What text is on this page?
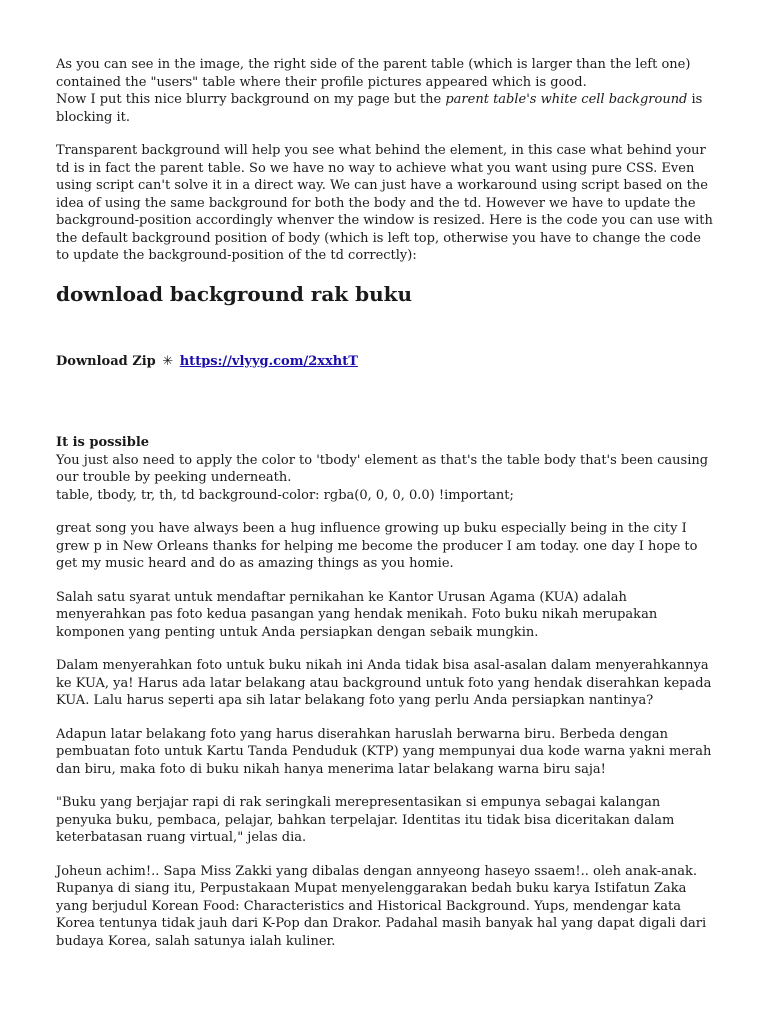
As you can see in the image, the right side of the parent table (which is larger than the left one) contained the "users" table where their profile pictures appeared which is good.

Now I put this nice blurry background on my page but the parent table's white cell background is blocking it.

Transparent background will help you see what behind the element, in this case what behind your td is in fact the parent table. So we have no way to achieve what you want using pure CSS. Even using script can't solve it in a direct way. We can just have a workaround using script based on the idea of using the same background for both the body and the td. However we have to update the background-position accordingly whenver the window is resized. Here is the code you can use with the default background position of body (which is left top, otherwise you have to change the code to update the background-position of the td correctly):

download background rak buku
Download Zip ✳ https://vlyyg.com/2xxhtT
It is possible

You just also need to apply the color to 'tbody' element as that's the table body that's been causing our trouble by peeking underneath.

table, tbody, tr, th, td background-color: rgba(0, 0, 0, 0.0) !important;

great song you have always been a hug influence growing up buku especially being in the city I grew p in New Orleans thanks for helping me become the producer I am today. one day I hope to get my music heard and do as amazing things as you homie.

Salah satu syarat untuk mendaftar pernikahan ke Kantor Urusan Agama (KUA) adalah menyerahkan pas foto kedua pasangan yang hendak menikah. Foto buku nikah merupakan komponen yang penting untuk Anda persiapkan dengan sebaik mungkin.

Dalam menyerahkan foto untuk buku nikah ini Anda tidak bisa asal-asalan dalam menyerahkannya ke KUA, ya! Harus ada latar belakang atau background untuk foto yang hendak diserahkan kepada KUA. Lalu harus seperti apa sih latar belakang foto yang perlu Anda persiapkan nantinya?

Adapun latar belakang foto yang harus diserahkan haruslah berwarna biru. Berbeda dengan pembuatan foto untuk Kartu Tanda Penduduk (KTP) yang mempunyai dua kode warna yakni merah dan biru, maka foto di buku nikah hanya menerima latar belakang warna biru saja!

"Buku yang berjajar rapi di rak seringkali merepresentasikan si empunya sebagai kalangan penyuka buku, pembaca, pelajar, bahkan terpelajar. Identitas itu tidak bisa diceritakan dalam keterbatasan ruang virtual," jelas dia.

Joheun achim!.. Sapa Miss Zakki yang dibalas dengan annyeong haseyo ssaem!.. oleh anak-anak. Rupanya di siang itu, Perpustakaan Mupat menyelenggarakan bedah buku karya Istifatun Zaka yang berjudul Korean Food: Characteristics and Historical Background. Yups, mendengar kata Korea tentunya tidak jauh dari K-Pop dan Drakor. Padahal masih banyak hal yang dapat digali dari budaya Korea, salah satunya ialah kuliner.
